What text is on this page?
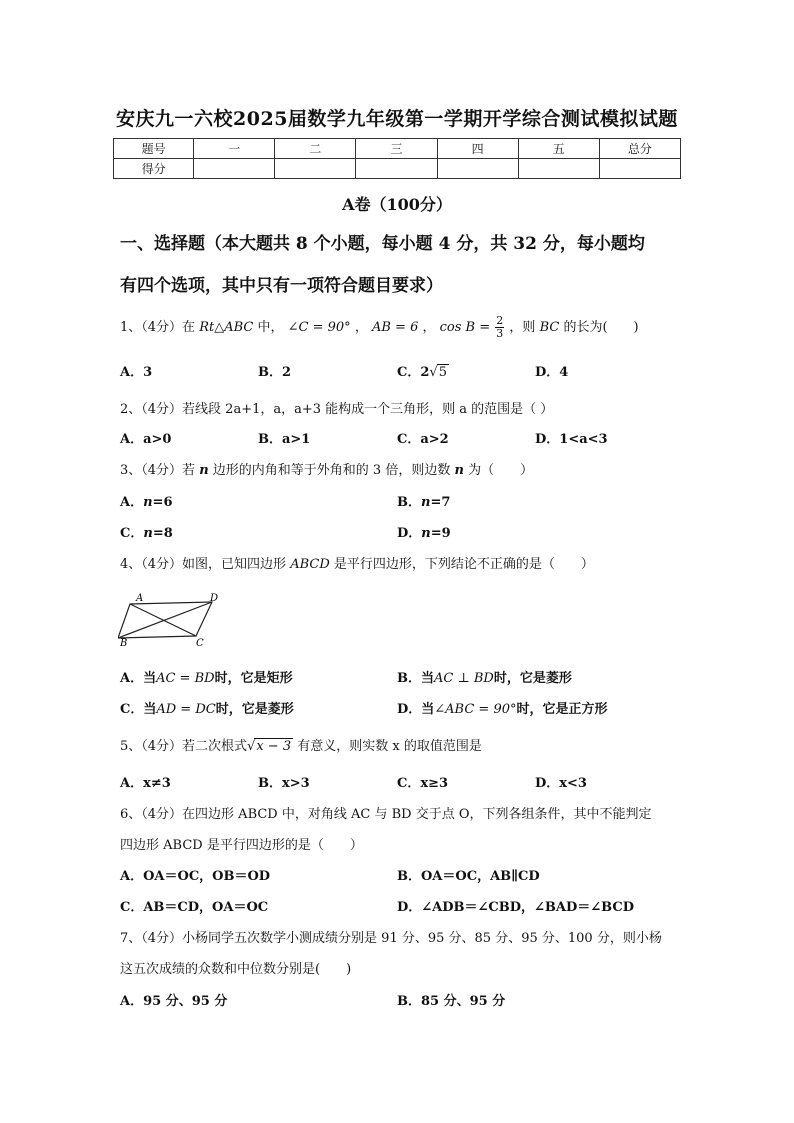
安庆九一六校2025届数学九年级第一学期开学综合测试模拟试题
题号	一	二	三	四	五	总分
得分						
A卷（100分）
一、选择题（本大题共 8 个小题，每小题 4 分，共 32 分，每小题均
有四个选项，其中只有一项符合题目要求）
1、（4分）在 Rt△ABC 中， ∠C = 90° ， AB = 6 ， $\cos B = \frac{2}{3}$ ，则 BC 的长为(　　)
A．3	B．2	C．2√5	D．4
2、（4分）若线段 2a+1，a，a+3 能构成一个三角形，则 a 的范围是（ ）
A．a>0	B．a>1	C．a>2	D．1<a<3
3、（4分）若 n 边形的内角和等于外角和的 3 倍，则边数 n 为（　　）
A．n=6	B．n=7
C．n=8	D．n=9
4、（4分）如图，已知四边形 ABCD 是平行四边形，下列结论不正确的是（　　）
A	D
B	C
A．当AC = BD时，它是矩形	B．当AC ⊥ BD时，它是菱形
C．当AD = DC时，它是菱形	D．当∠ABC = 90°时，它是正方形
5、（4分）若二次根式√x − 3 有意义，则实数 x 的取值范围是
A．x≠3	B．x>3	C．x≥3	D．x<3
6、（4分）在四边形 ABCD 中，对角线 AC 与 BD 交于点 O，下列各组条件，其中不能判定
四边形 ABCD 是平行四边形的是（　　）
A．OA＝OC，OB＝OD	B．OA＝OC，AB∥CD
C．AB＝CD，OA＝OC	D．∠ADB＝∠CBD，∠BAD＝∠BCD
7、（4分）小杨同学五次数学小测成绩分别是 91 分、95 分、85 分、95 分、100 分，则小杨
这五次成绩的众数和中位数分别是(　　)
A．95 分、95 分	B．85 分、95 分
